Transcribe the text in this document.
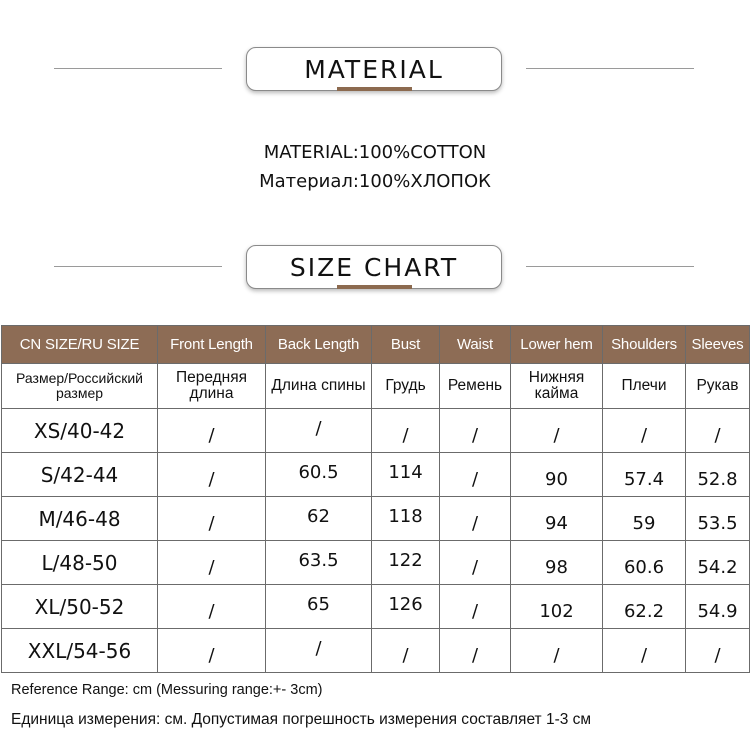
MATERIAL
MATERIAL:100%COTTON
Материал:100%ХЛОПОК
SIZE CHART
CN SIZE/RU SIZE	Front Length	Back Length	Bust	Waist	Lower hem	Shoulders	Sleeves
Размер/Российский размер	Передняя длина	Длина спины	Грудь	Ремень	Нижняя кайма	Плечи	Рукав
XS/40-42	/	/	/	/	/	/	/
S/42-44	/	60.5	114	/	90	57.4	52.8
M/46-48	/	62	118	/	94	59	53.5
L/48-50	/	63.5	122	/	98	60.6	54.2
XL/50-52	/	65	126	/	102	62.2	54.9
XXL/54-56	/	/	/	/	/	/	/
Reference Range: cm (Messuring range:+- 3cm)
Единица измерения: см. Допустимая погрешность измерения составляет 1-3 см
